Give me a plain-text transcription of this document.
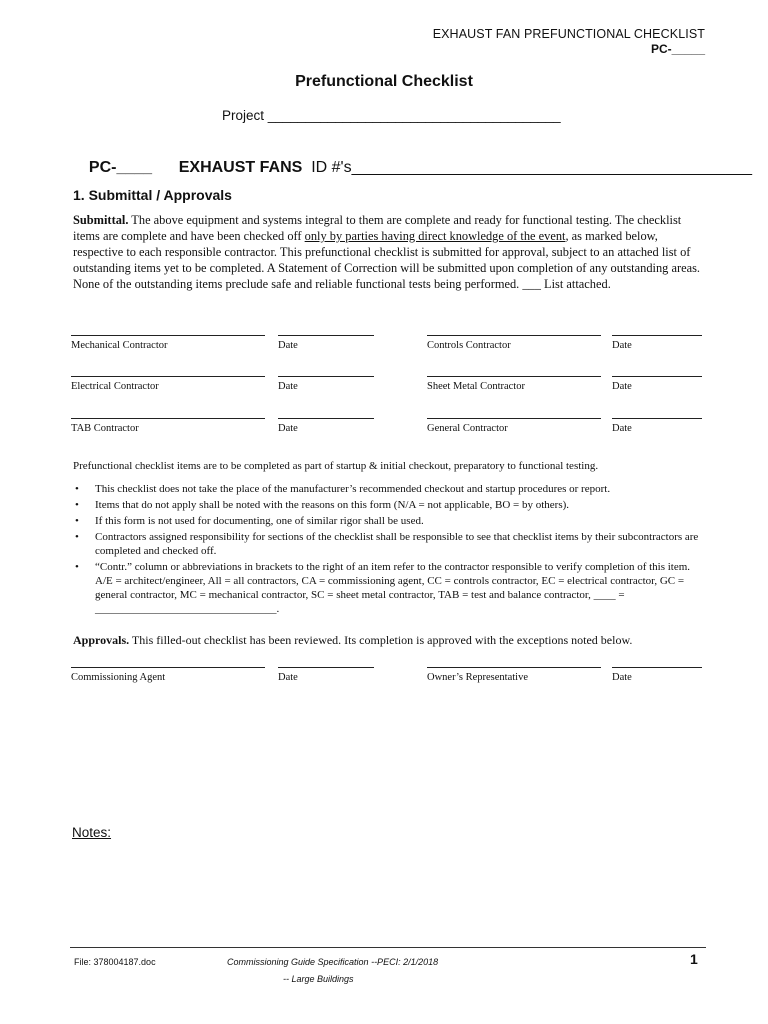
EXHAUST FAN PREFUNCTIONAL CHECKLIST
PC-_____
Prefunctional Checklist
Project _______________________________________

PC-____ EXHAUST FANS ID #'s_____________________________________________

1. Submittal / Approvals
Submittal. The above equipment and systems integral to them are complete and ready for functional testing. The checklist items are complete and have been checked off only by parties having direct knowledge of the event, as marked below, respective to each responsible contractor. This prefunctional checklist is submitted for approval, subject to an attached list of outstanding items yet to be completed. A Statement of Correction will be submitted upon completion of any outstanding areas. None of the outstanding items preclude safe and reliable functional tests being performed. ___ List attached.
Mechanical Contractor	Date	Controls Contractor	Date
Electrical Contractor	Date	Sheet Metal Contractor	Date
TAB Contractor	Date	General Contractor	Date
Prefunctional checklist items are to be completed as part of startup & initial checkout, preparatory to functional testing.
• This checklist does not take the place of the manufacturer’s recommended checkout and startup procedures or report.
• Items that do not apply shall be noted with the reasons on this form (N/A = not applicable, BO = by others).
• If this form is not used for documenting, one of similar rigor shall be used.
• Contractors assigned responsibility for sections of the checklist shall be responsible to see that checklist items by their subcontractors are completed and checked off.
• “Contr.” column or abbreviations in brackets to the right of an item refer to the contractor responsible to verify completion of this item. A/E = architect/engineer, All = all contractors, CA = commissioning agent, CC = controls contractor, EC = electrical contractor, GC = general contractor, MC = mechanical contractor, SC = sheet metal contractor, TAB = test and balance contractor, ____ = _________________________________.
Approvals. This filled-out checklist has been reviewed. Its completion is approved with the exceptions noted below.
Commissioning Agent	Date	Owner’s Representative	Date
Notes:
File: 378004187.doc	Commissioning Guide Specification --PECI: 2/1/2018
-- Large Buildings
1
